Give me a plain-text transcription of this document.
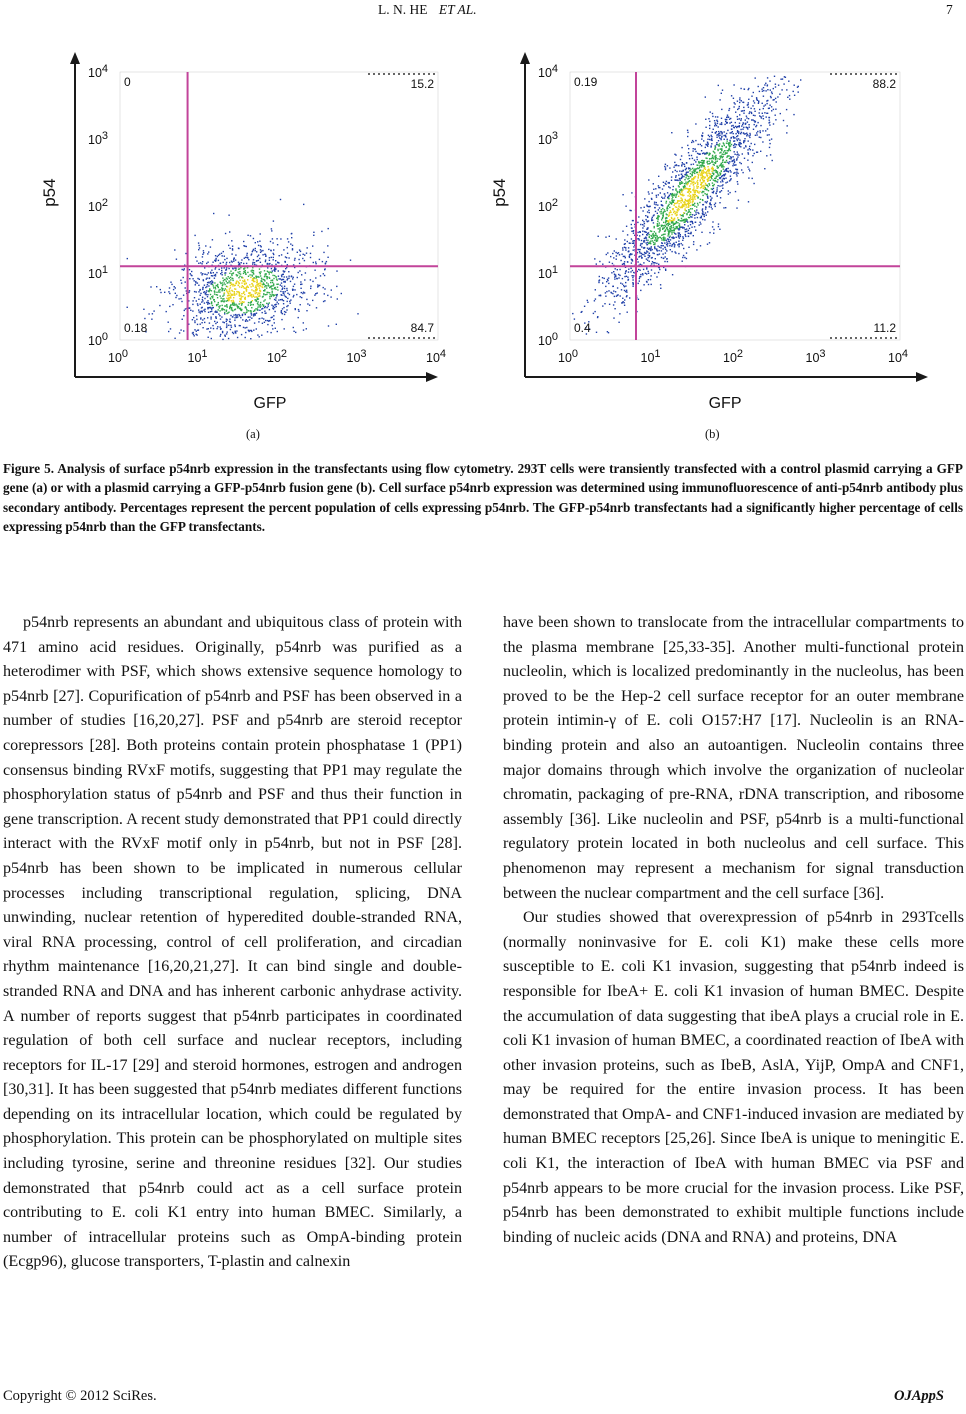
L. N. HE ET AL.	7
100
100
101
101
102
102
103
103
104
104
0	15.2
0.18	84.7
GFP
p54
100
100
101
101
102
102
103
103
104
104
0.19	88.2
0.4	11.2
GFP
p54
(a)	(b)
Figure 5. Analysis of surface p54nrb expression in the transfectants using flow cytometry. 293T cells were transiently transfected with a control plasmid carrying a GFP gene (a) or with a plasmid carrying a GFP-p54nrb fusion gene (b). Cell surface p54nrb expression was determined using immunofluorescence of anti-p54nrb antibody plus secondary antibody. Percentages represent the percent population of cells expressing p54nrb. The GFP-p54nrb transfectants had a significantly higher percentage of cells expressing p54nrb than the GFP transfectants.

p54nrb represents an abundant and ubiquitous class of protein with 471 amino acid residues. Originally, p54nrb was purified as a heterodimer with PSF, which shows extensive sequence homology to p54nrb [27]. Copurification of p54nrb and PSF has been observed in a number of studies [16,20,27]. PSF and p54nrb are steroid receptor corepressors [28]. Both proteins contain protein phosphatase 1 (PP1) consensus binding RVxF motifs, suggesting that PP1 may regulate the phosphorylation status of p54nrb and PSF and thus their function in gene transcription. A recent study demonstrated that PP1 could directly interact with the RVxF motif only in p54nrb, but not in PSF [28]. p54nrb has been shown to be implicated in numerous cellular processes including transcriptional regulation, splicing, DNA unwinding, nuclear retention of hyperedited double-stranded RNA, viral RNA processing, control of cell proliferation, and circadian rhythm maintenance [16,20,21,27]. It can bind single and double-stranded RNA and DNA and has inherent carbonic anhydrase activity. A number of reports suggest that p54nrb participates in coordinated regulation of both cell surface and nuclear receptors, including receptors for IL-17 [29] and steroid hormones, estrogen and androgen [30,31]. It has been suggested that p54nrb mediates different functions depending on its intracellular location, which could be regulated by phosphorylation. This protein can be phosphorylated on multiple sites including tyrosine, serine and threonine residues [32]. Our studies demonstrated that p54nrb could act as a cell surface protein contributing to E. coli K1 entry into human BMEC. Similarly, a number of intracellular proteins such as OmpA-binding protein (Ecgp96), glucose transporters, T-plastin and calnexin

have been shown to translocate from the intracellular compartments to the plasma membrane [25,33-35]. Another multi-functional protein nucleolin, which is localized predominantly in the nucleolus, has been proved to be the Hep-2 cell surface receptor for an outer membrane protein intimin-γ of E. coli O157:H7 [17]. Nucleolin is an RNA-binding protein and also an autoantigen. Nucleolin contains three major domains through which involve the organization of nucleolar chromatin, packaging of pre-RNA, rDNA transcription, and ribosome assembly [36]. Like nucleolin and PSF, p54nrb is a multi-functional regulatory protein located in both nucleolus and cell surface. This phenomenon may represent a mechanism for signal transduction between the nuclear compartment and the cell surface [36].

Our studies showed that overexpression of p54nrb in 293Tcells (normally noninvasive for E. coli K1) make these cells more susceptible to E. coli K1 invasion, suggesting that p54nrb indeed is responsible for IbeA+ E. coli K1 invasion of human BMEC. Despite the accumulation of data suggesting that ibeA plays a crucial role in E. coli K1 invasion of human BMEC, a coordinated reaction of IbeA with other invasion proteins, such as IbeB, AslA, YijP, OmpA and CNF1, may be required for the entire invasion process. It has been demonstrated that OmpA- and CNF1-induced invasion are mediated by human BMEC receptors [25,26]. Since IbeA is unique to meningitic E. coli K1, the interaction of IbeA with human BMEC via PSF and p54nrb appears to be more crucial for the invasion process. Like PSF, p54nrb has been demonstrated to exhibit multiple functions include binding of nucleic acids (DNA and RNA) and proteins, DNA

Copyright © 2012 SciRes.	OJAppS
